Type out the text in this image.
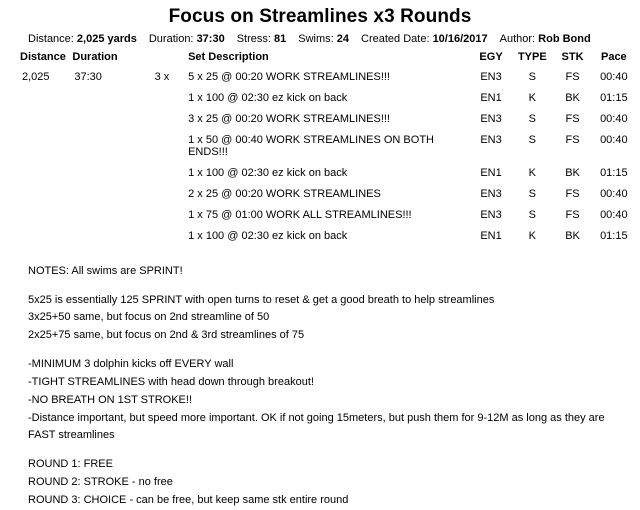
Focus on Streamlines x3 Rounds
Distance: 2,025 yards Duration: 37:30 Stress: 81 Swims: 24 Created Date: 10/16/2017 Author: Rob Bond
Distance	Duration		Set Description	EGY	TYPE	STK	Pace
2,025	37:30	3 x	5 x 25 @ 00:20 WORK STREAMLINES!!!	EN3	S	FS	00:40
			1 x 100 @ 02:30 ez kick on back	EN1	K	BK	01:15
			3 x 25 @ 00:20 WORK STREAMLINES!!!	EN3	S	FS	00:40
			1 x 50 @ 00:40 WORK STREAMLINES ON BOTH ENDS!!!	EN3	S	FS	00:40
			1 x 100 @ 02:30 ez kick on back	EN1	K	BK	01:15
			2 x 25 @ 00:20 WORK STREAMLINES	EN3	S	FS	00:40
			1 x 75 @ 01:00 WORK ALL STREAMLINES!!!	EN3	S	FS	00:40
			1 x 100 @ 02:30 ez kick on back	EN1	K	BK	01:15

NOTES: All swims are SPRINT!

5x25 is essentially 125 SPRINT with open turns to reset & get a good breath to help streamlines

3x25+50 same, but focus on 2nd streamline of 50

2x25+75 same, but focus on 2nd & 3rd streamlines of 75

-MINIMUM 3 dolphin kicks off EVERY wall

-TIGHT STREAMLINES with head down through breakout!

-NO BREATH ON 1ST STROKE!!

-Distance important, but speed more important. OK if not going 15meters, but push them for 9-12M as long as they are FAST streamlines

ROUND 1: FREE

ROUND 2: STROKE - no free

ROUND 3: CHOICE - can be free, but keep same stk entire round
